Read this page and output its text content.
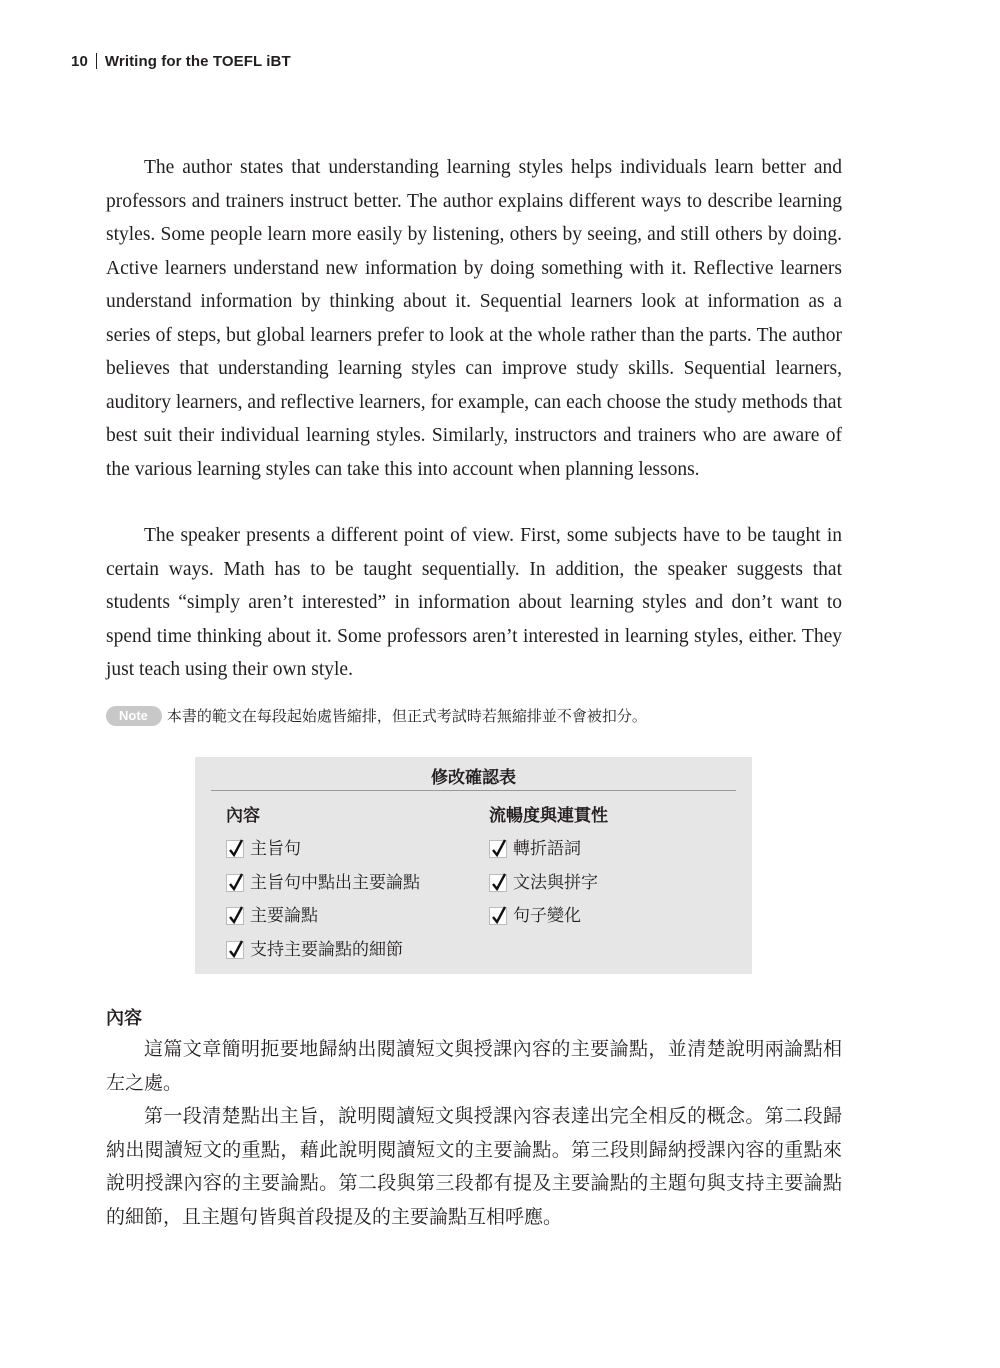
10 Writing for the TOEFL iBT

The author states that understanding learning styles helps individuals learn better and professors and trainers instruct better. The author explains different ways to describe learning styles. Some people learn more easily by listening, others by seeing, and still others by doing. Active learners understand new information by doing something with it. Reflective learners understand information by thinking about it. Sequential learners look at information as a series of steps, but global learners prefer to look at the whole rather than the parts. The author believes that understanding learning styles can improve study skills. Sequential learners, auditory learners, and reflective learners, for example, can each choose the study methods that best suit their individual learning styles. Similarly, instructors and trainers who are aware of the various learning styles can take this into account when planning lessons.

The speaker presents a different point of view. First, some subjects have to be taught in certain ways. Math has to be taught sequentially. In addition, the speaker suggests that students “simply aren’t interested” in information about learning styles and don’t want to spend time thinking about it. Some professors aren’t interested in learning styles, either. They just teach using their own style.

Note	本書的範文在每段起始處皆縮排，但正式考試時若無縮排並不會被扣分。
修改確認表
內容
主旨句
主旨句中點出主要論點
主要論點
支持主要論點的細節
流暢度與連貫性
轉折語詞
文法與拼字
句子變化
內容

這篇文章簡明扼要地歸納出閱讀短文與授課內容的主要論點，並清楚說明兩論點相左之處。

第一段清楚點出主旨，說明閱讀短文與授課內容表達出完全相反的概念。第二段歸納出閱讀短文的重點，藉此說明閱讀短文的主要論點。第三段則歸納授課內容的重點來說明授課內容的主要論點。第二段與第三段都有提及主要論點的主題句與支持主要論點的細節，且主題句皆與首段提及的主要論點互相呼應。
